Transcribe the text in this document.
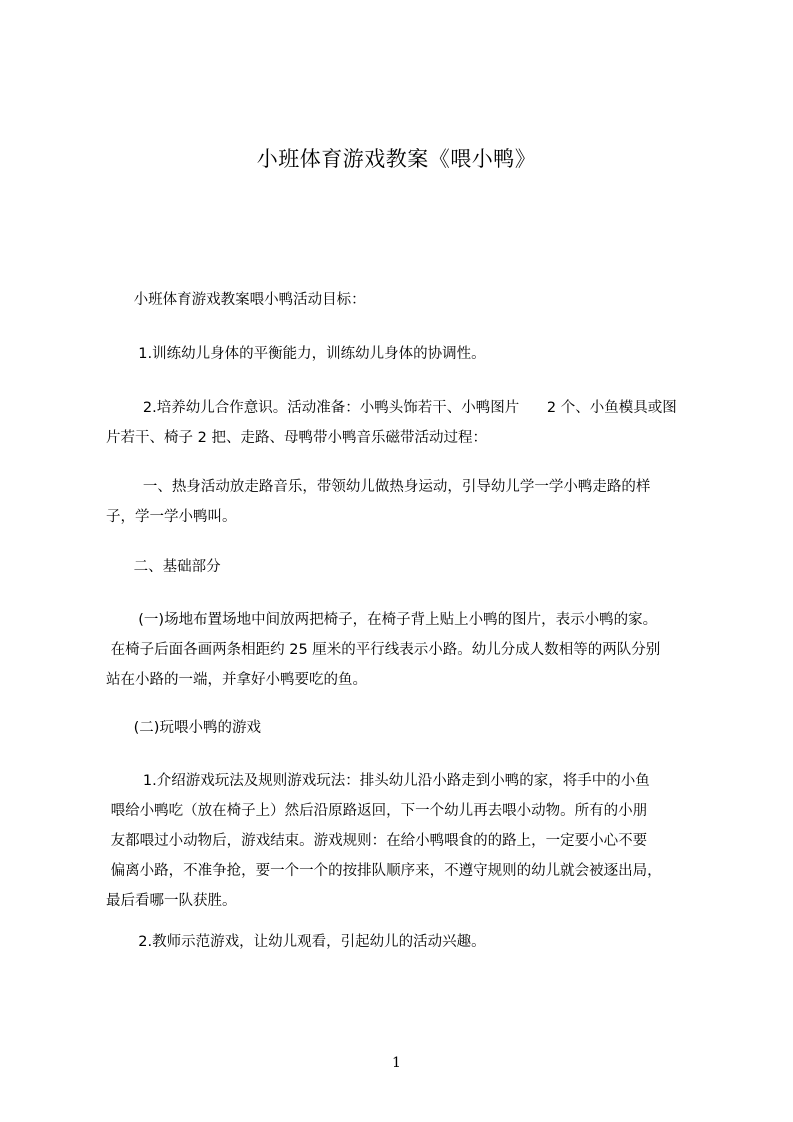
小班体育游戏教案《喂小鸭》
小班体育游戏教案喂小鸭活动目标：
1.训练幼儿身体的平衡能力，训练幼儿身体的协调性。
2.培养幼儿合作意识。活动准备：小鸭头饰若干、小鸭图片      2 个、小鱼模具或图
片若干、椅子 2 把、走路、母鸭带小鸭音乐磁带活动过程：
一、热身活动放走路音乐，带领幼儿做热身运动，引导幼儿学一学小鸭走路的样
子，学一学小鸭叫。
二、基础部分
(一)场地布置场地中间放两把椅子，在椅子背上贴上小鸭的图片，表示小鸭的家。
在椅子后面各画两条相距约 25 厘米的平行线表示小路。幼儿分成人数相等的两队分别
站在小路的一端，并拿好小鸭要吃的鱼。
(二)玩喂小鸭的游戏
1.介绍游戏玩法及规则游戏玩法：排头幼儿沿小路走到小鸭的家，将手中的小鱼
喂给小鸭吃（放在椅子上）然后沿原路返回，下一个幼儿再去喂小动物。所有的小朋
友都喂过小动物后，游戏结束。游戏规则：在给小鸭喂食的的路上，一定要小心不要
偏离小路，不准争抢，要一个一个的按排队顺序来，不遵守规则的幼儿就会被逐出局，
最后看哪一队获胜。
2.教师示范游戏，让幼儿观看，引起幼儿的活动兴趣。
1
